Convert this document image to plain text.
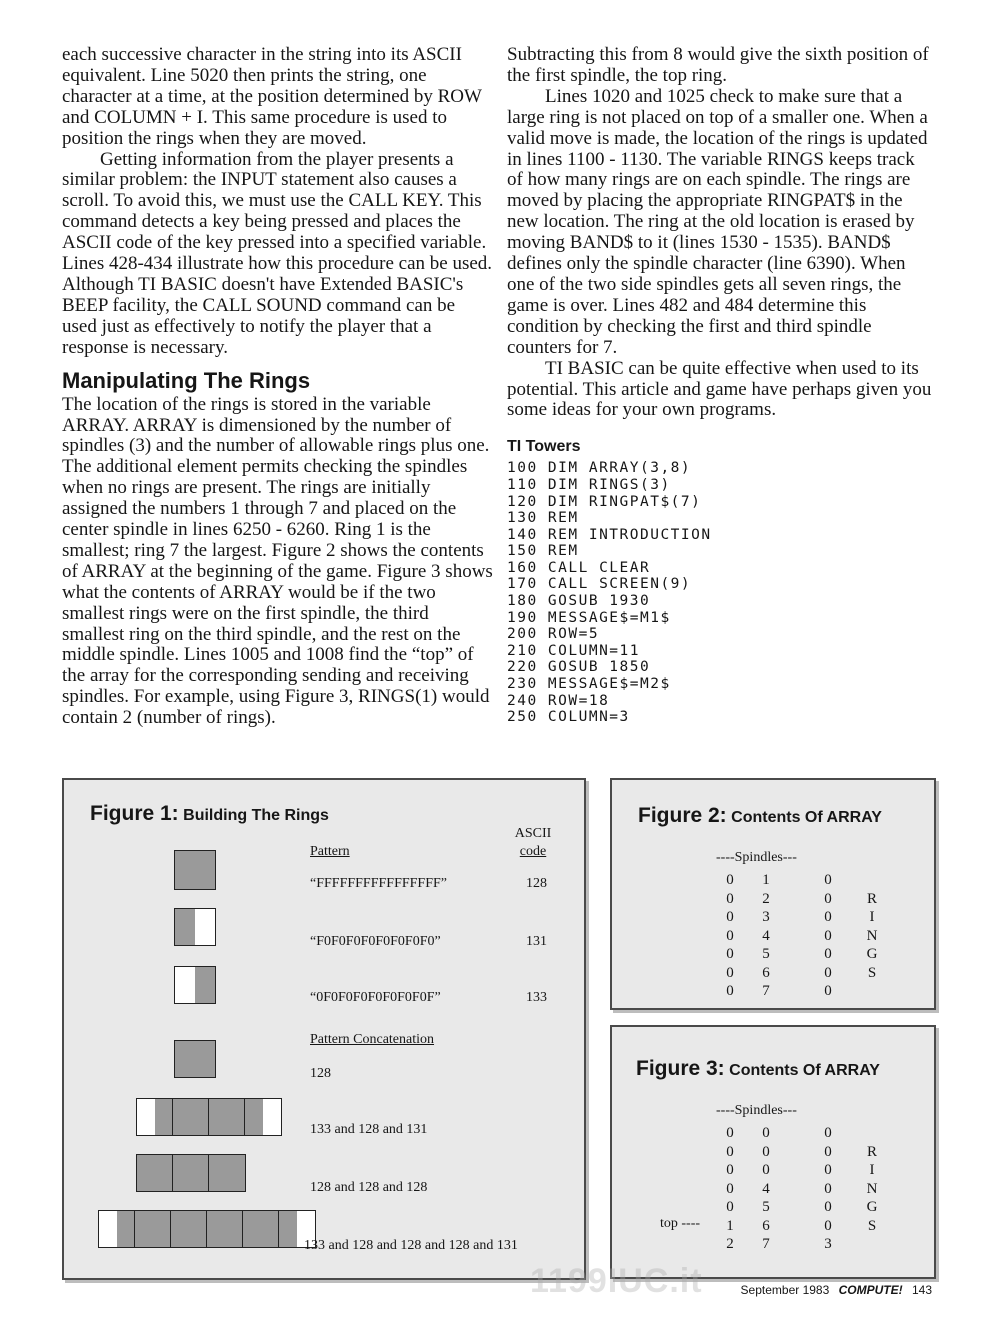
each successive character in the string into its ASCII equivalent. Line 5020 then prints the string, one character at a time, at the position determined by ROW and COLUMN + I. This same procedure is used to position the rings when they are moved.

Getting information from the player presents a similar problem: the INPUT statement also causes a scroll. To avoid this, we must use the CALL KEY. This command detects a key being pressed and places the ASCII code of the key pressed into a specified variable. Lines 428-434 illustrate how this procedure can be used. Although TI BASIC doesn't have Extended BASIC's BEEP facility, the CALL SOUND command can be used just as effectively to notify the player that a response is necessary.

Manipulating The Rings

The location of the rings is stored in the variable ARRAY. ARRAY is dimensioned by the number of spindles (3) and the number of allowable rings plus one. The additional element permits checking the spindles when no rings are present. The rings are initially assigned the numbers 1 through 7 and placed on the center spindle in lines 6250 - 6260. Ring 1 is the smallest; ring 7 the largest. Figure 2 shows the contents of ARRAY at the beginning of the game. Figure 3 shows what the contents of ARRAY would be if the two smallest rings were on the first spindle, the third smallest ring on the third spindle, and the rest on the middle spindle. Lines 1005 and 1008 find the “top” of the array for the corresponding sending and receiving spindles. For example, using Figure 3, RINGS(1) would contain 2 (number of rings).

Subtracting this from 8 would give the sixth position of the first spindle, the top ring.

Lines 1020 and 1025 check to make sure that a large ring is not placed on top of a smaller one. When a valid move is made, the location of the rings is updated in lines 1100 - 1130. The variable RINGS keeps track of how many rings are on each spindle. The rings are moved by placing the appropriate RINGPAT$ in the new location. The ring at the old location is erased by moving BAND$ to it (lines 1530 - 1535). BAND$ defines only the spindle character (line 6390). When one of the two side spindles gets all seven rings, the game is over. Lines 482 and 484 determine this condition by checking the first and third spindle counters for 7.

TI BASIC can be quite effective when used to its potential. This article and game have perhaps given you some ideas for your own programs.

TI Towers
100 DIM ARRAY(3,8)
110 DIM RINGS(3)
120 DIM RINGPAT$(7)
130 REM
140 REM INTRODUCTION
150 REM
160 CALL CLEAR
170 CALL SCREEN(9)
180 GOSUB 1930
190 MESSAGE$=M1$
200 ROW=5
210 COLUMN=11
220 GOSUB 1850
230 MESSAGE$=M2$
240 ROW=18
250 COLUMN=3
Figure 1: Building The Rings
Pattern
ASCII
code
“FFFFFFFFFFFFFFFF”	128
“F0F0F0F0F0F0F0F0”	131
“0F0F0F0F0F0F0F0F”	133
Pattern Concatenation
128
133 and 128 and 131
128 and 128 and 128
133 and 128 and 128 and 128 and 131
Figure 2: Contents Of ARRAY
----Spindles---
0	1	0
0	2	0	R
0	3	0	I
0	4	0	N
0	5	0	G
0	6	0	S
0	7	0
Figure 3: Contents Of ARRAY
----Spindles---
top ----
0	0	0
0	0	0	R
0	0	0	I
0	4	0	N
0	5	0	G
1	6	0	S
2	7	3
1199IUC.it	September 1983 COMPUTE! 143
